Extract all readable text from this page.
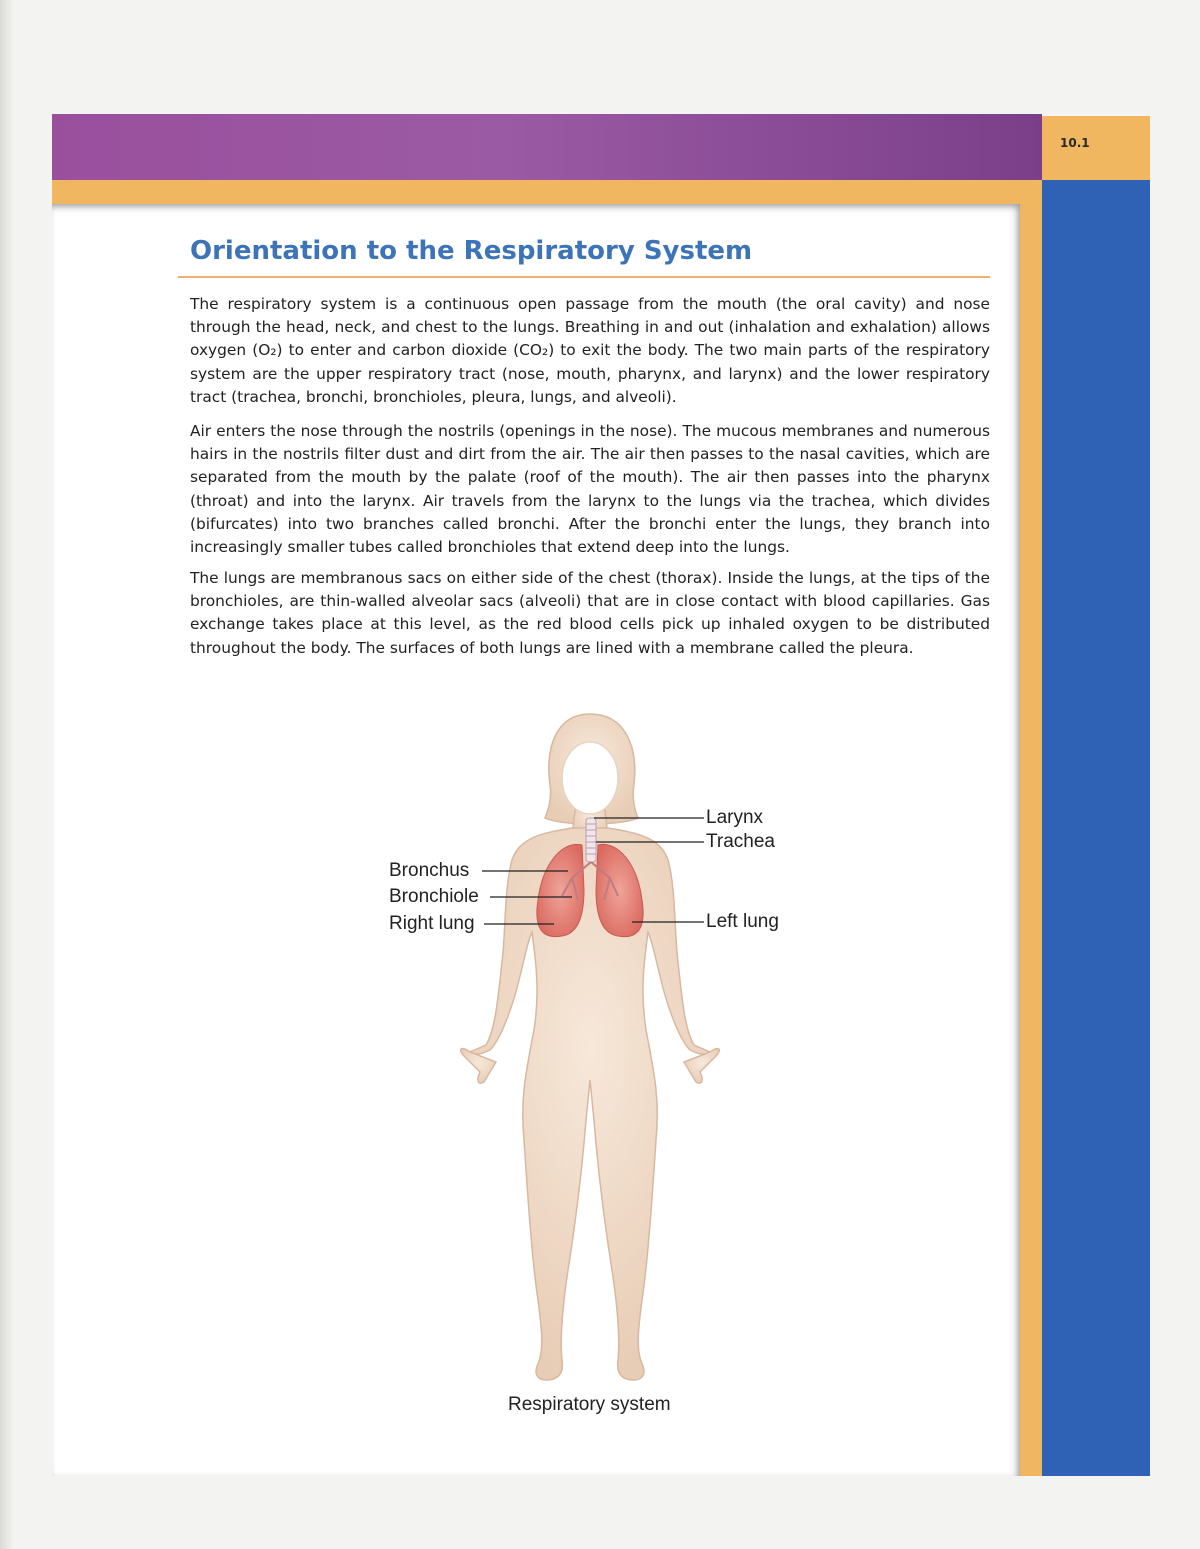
10.1
Orientation to the Respiratory System

The respiratory system is a continuous open passage from the mouth (the oral cavity) and nose through the head, neck, and chest to the lungs. Breathing in and out (inhalation and exhalation) allows oxygen (O₂) to enter and carbon dioxide (CO₂) to exit the body. The two main parts of the respiratory system are the upper respiratory tract (nose, mouth, pharynx, and larynx) and the lower respiratory tract (trachea, bronchi, bronchioles, pleura, lungs, and alveoli).

Air enters the nose through the nostrils (openings in the nose). The mucous membranes and numerous hairs in the nostrils filter dust and dirt from the air. The air then passes to the nasal cavities, which are separated from the mouth by the palate (roof of the mouth). The air then passes into the pharynx (throat) and into the larynx. Air travels from the larynx to the lungs via the trachea, which divides (bifurcates) into two branches called bronchi. After the bronchi enter the lungs, they branch into increasingly smaller tubes called bronchioles that extend deep into the lungs.

The lungs are membranous sacs on either side of the chest (thorax). Inside the lungs, at the tips of the bronchioles, are thin-walled alveolar sacs (alveoli) that are in close contact with blood capillaries. Gas exchange takes place at this level, as the red blood cells pick up inhaled oxygen to be distributed throughout the body. The surfaces of both lungs are lined with a membrane called the pleura.

Larynx
Trachea
Bronchus
Bronchiole
Right lung	Left lung
Respiratory system
